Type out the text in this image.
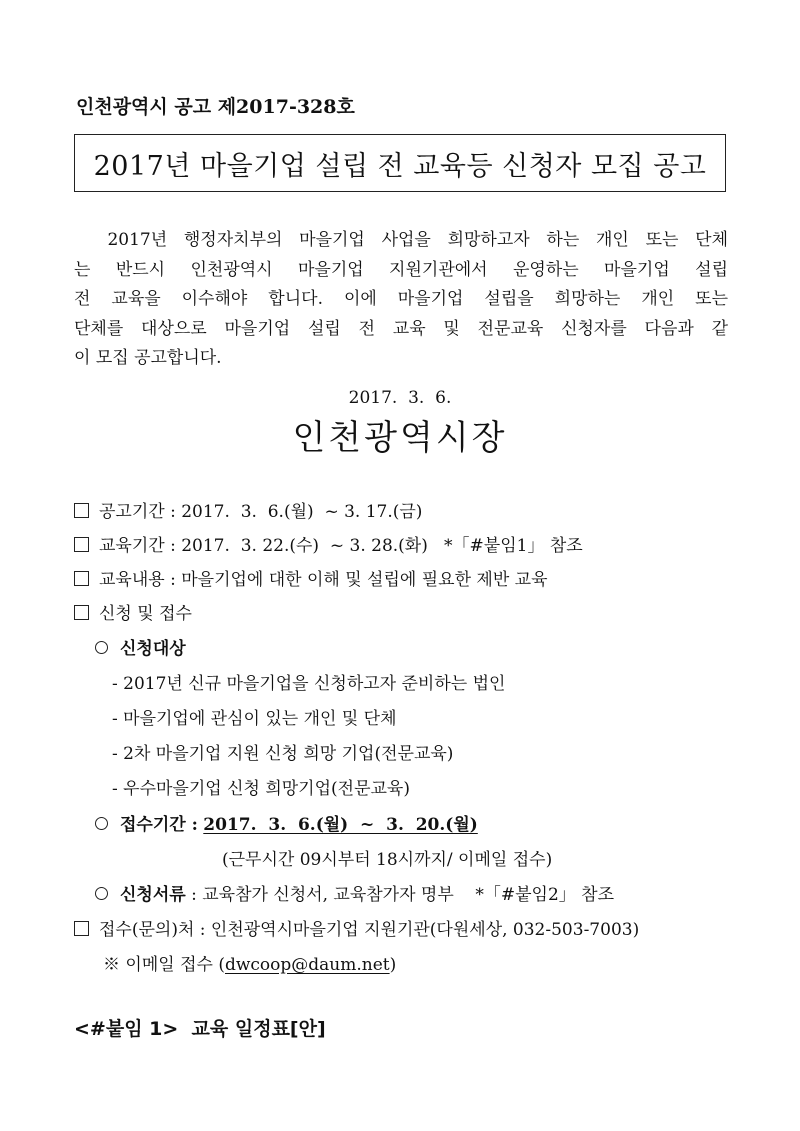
인천광역시 공고 제2017-328호
2017년 마을기업 설립 전 교육등 신청자 모집 공고

2017년 행정자치부의 마을기업 사업을 희망하고자 하는 개인 또는 단체

는 반드시 인천광역시 마을기업 지원기관에서 운영하는 마을기업 설립

전 교육을 이수해야 합니다. 이에 마을기업 설립을 희망하는 개인 또는

단체를 대상으로 마을기업 설립 전 교육 및 전문교육 신청자를 다음과 같

이 모집 공고합니다.

2017.  3.  6.
인천광역시장
공고기간 : 2017.  3.  6.(월)  ~ 3. 17.(금)
교육기간 : 2017.  3. 22.(수)  ~ 3. 28.(화)   *「#붙임1」 참조
교육내용 : 마을기업에 대한 이해 및 설립에 필요한 제반 교육
신청 및 접수
신청대상
- 2017년 신규 마을기업을 신청하고자 준비하는 법인
- 마을기업에 관심이 있는 개인 및 단체
- 2차 마을기업 지원 신청 희망 기업(전문교육)
- 우수마을기업 신청 희망기업(전문교육)
접수기간 : 2017.  3.  6.(월)  ~  3.  20.(월)
(근무시간 09시부터 18시까지/ 이메일 접수)
신청서류 : 교육참가 신청서, 교육참가자 명부    *「#붙임2」 참조
접수(문의)처 : 인천광역시마을기업 지원기관(다원세상, 032-503-7003)
※ 이메일 접수 (dwcoop@daum.net)
<#붙임 1>  교육 일정표[안]
